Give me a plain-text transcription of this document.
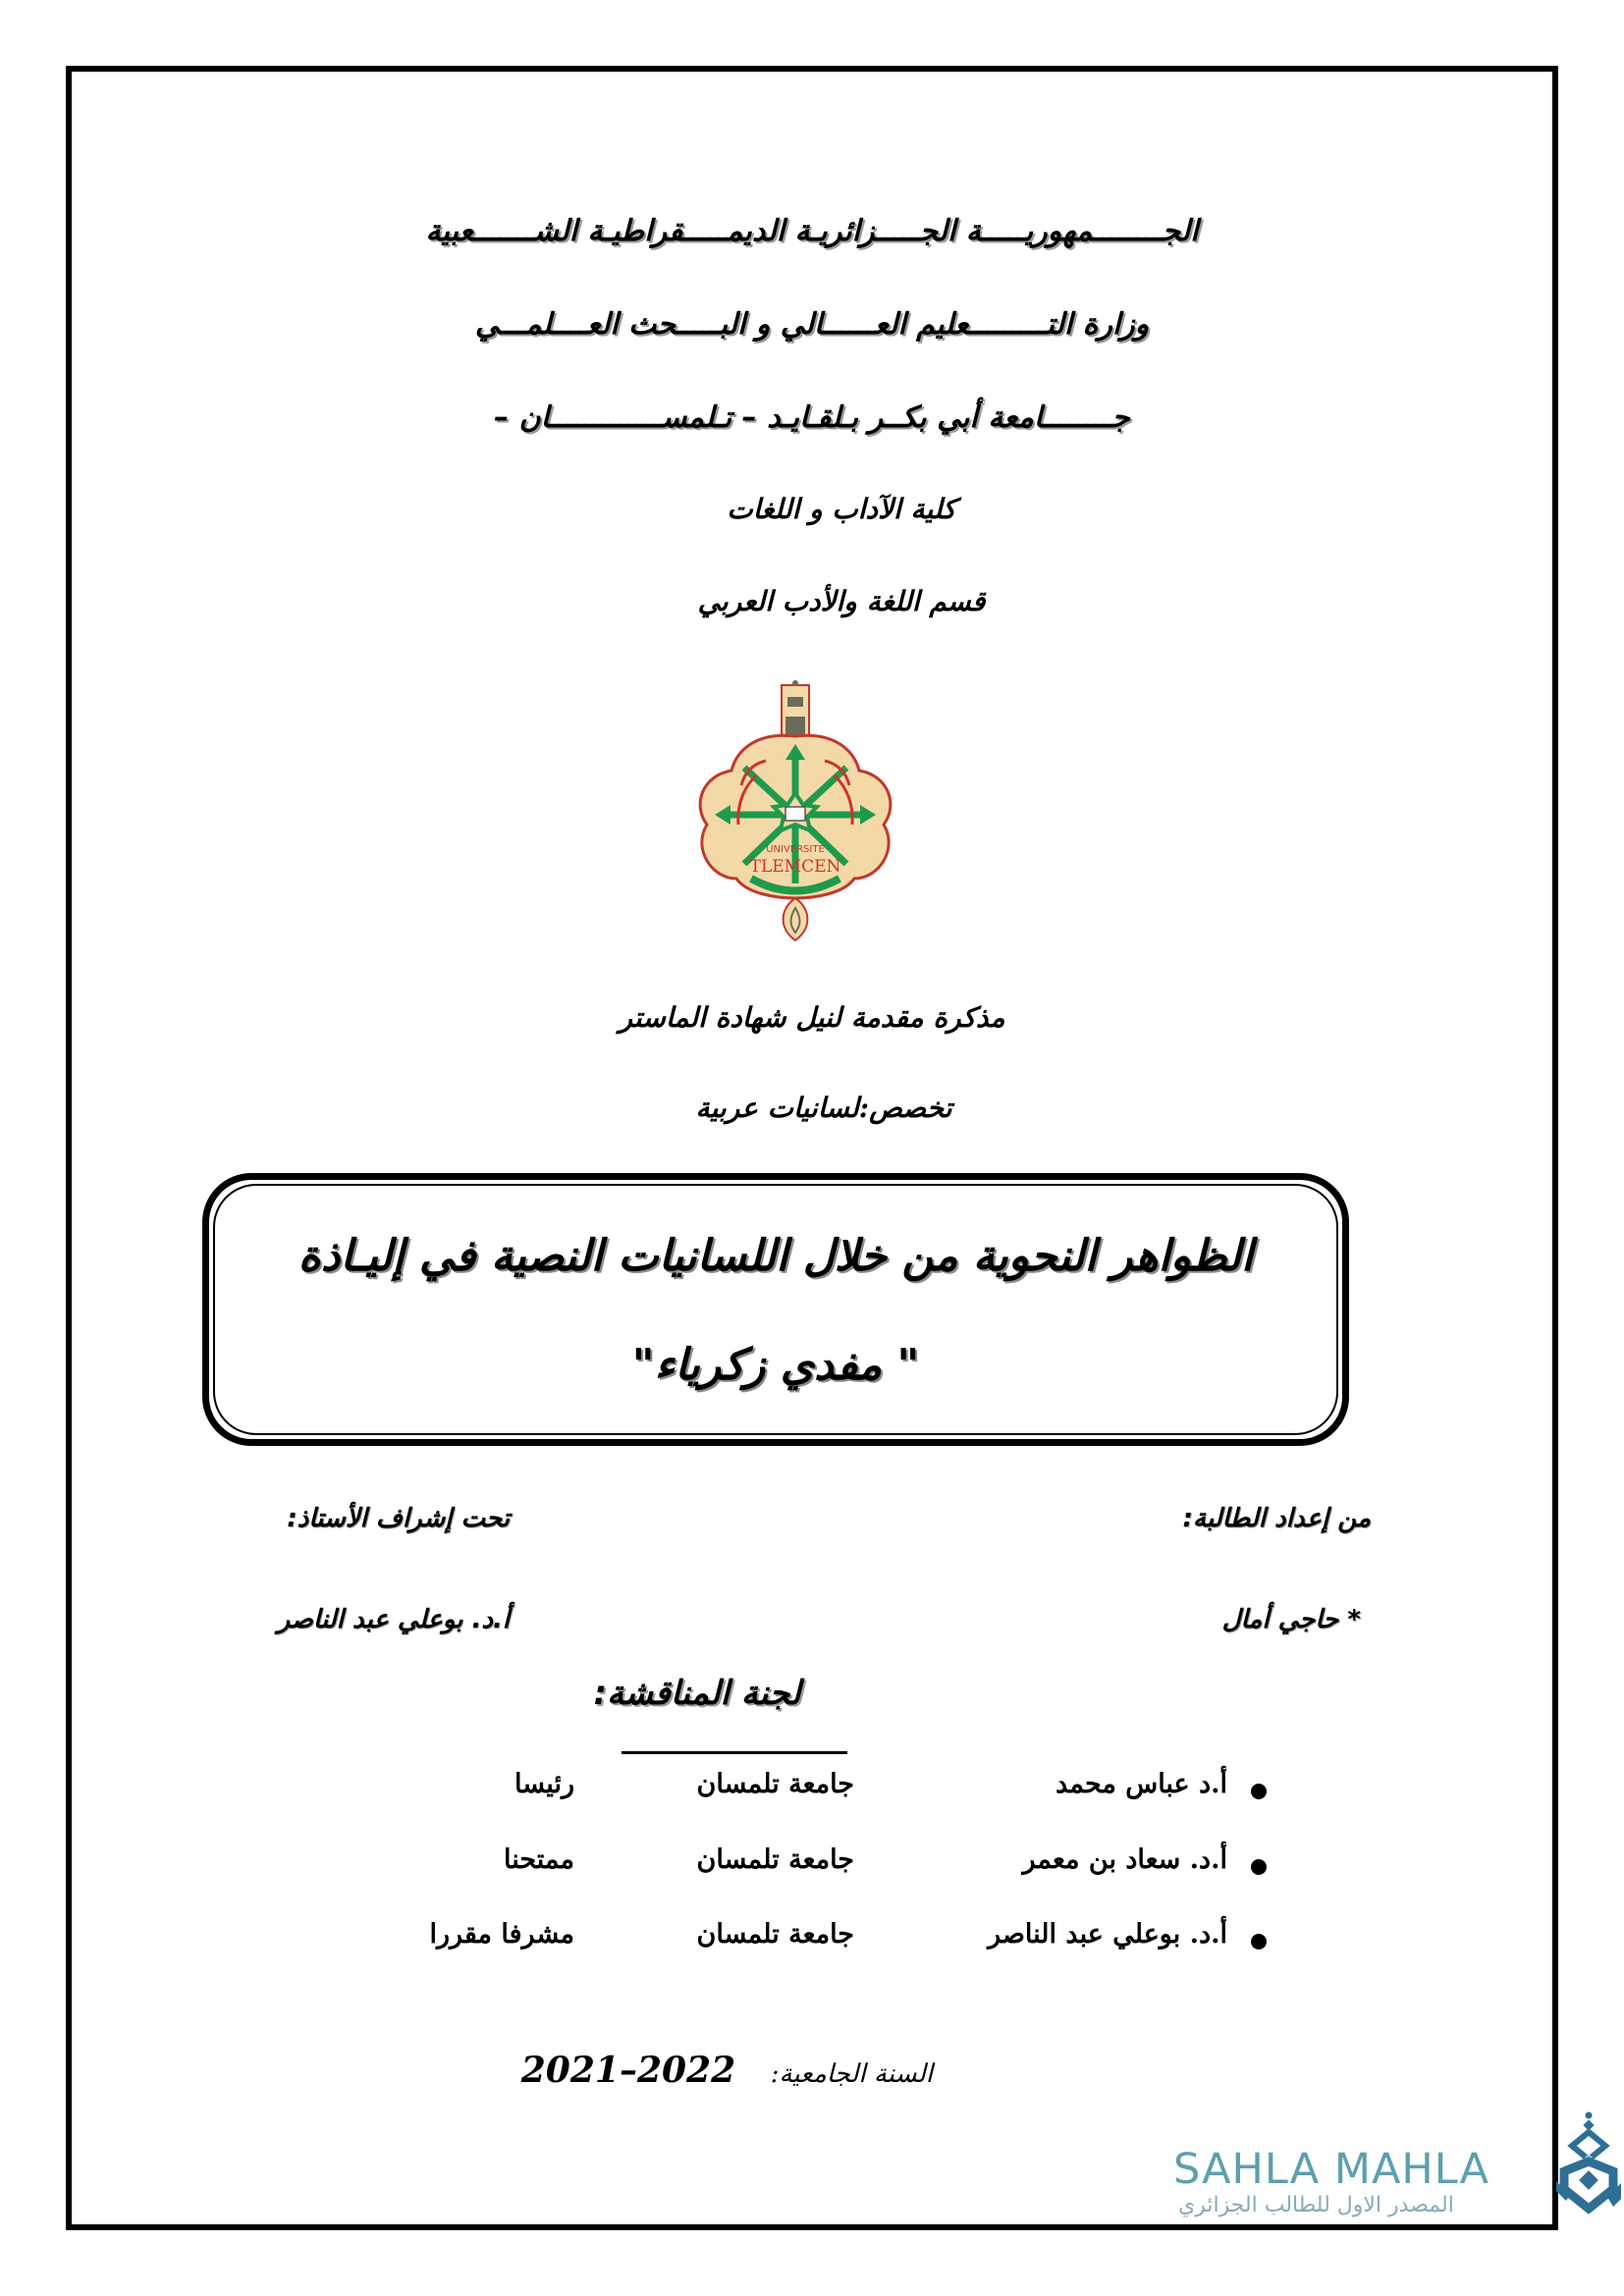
الجــــــــمهوريـــــة الجـــــزائريـة الديمـــــقراطيـة الشـــــــعبية
وزارة التـــــــــعليم العــــــالي و البـــــحث العــــلمـــي
جــــــــامعة أبي بكــر بـلقـايـد – تـلمســـــــــــــان –
كلية الآداب و اللغات
قسم اللغة والأدب العربي
UNIVERSITE
TLEMCEN
مذكرة مقدمة لنيل شهادة الماستر
تخصص:لسانيات عربية
الظواهر النحوية من خلال اللسانيات النصية في إليـاذة
" مفدي زكرياء"
من إعداد الطالبة:
تحت إشراف الأستاذ:
* حاجي أمال
أ.د. بوعلي عبد الناصر
لجنة المناقشة:
أ.د عباس محمد
جامعة تلمسان
رئيسا
أ.د. سعاد بن معمر
جامعة تلمسان
ممتحنا
أ.د. بوعلي عبد الناصر
جامعة تلمسان
مشرفا مقررا
السنة الجامعية: 2022–2021
SAHLA MAHLA
المصدر الاول للطالب الجزائري
